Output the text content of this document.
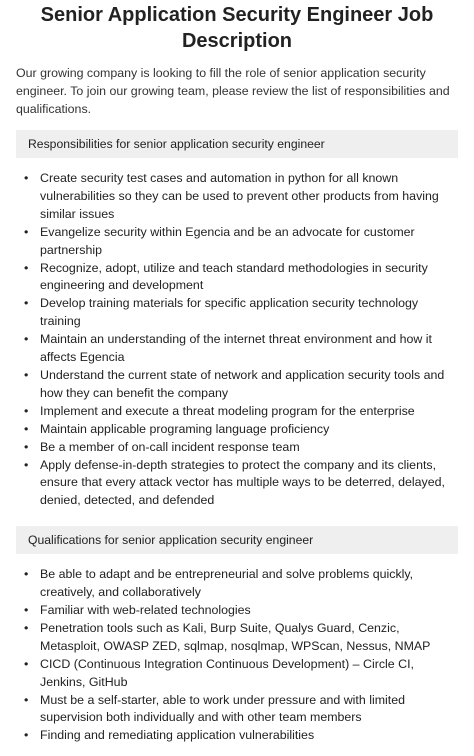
Senior Application Security Engineer Job Description

Our growing company is looking to fill the role of senior application security engineer. To join our growing team, please review the list of responsibilities and qualifications.

Responsibilities for senior application security engineer
• Create security test cases and automation in python for all known vulnerabilities so they can be used to prevent other products from having similar issues
• Evangelize security within Egencia and be an advocate for customer partnership
• Recognize, adopt, utilize and teach standard methodologies in security engineering and development
• Develop training materials for specific application security technology training
• Maintain an understanding of the internet threat environment and how it affects Egencia
• Understand the current state of network and application security tools and how they can benefit the company
• Implement and execute a threat modeling program for the enterprise
• Maintain applicable programing language proficiency
• Be a member of on-call incident response team
• Apply defense-in-depth strategies to protect the company and its clients, ensure that every attack vector has multiple ways to be deterred, delayed, denied, detected, and defended
Qualifications for senior application security engineer
• Be able to adapt and be entrepreneurial and solve problems quickly, creatively, and collaboratively
• Familiar with web-related technologies
• Penetration tools such as Kali, Burp Suite, Qualys Guard, Cenzic, Metasploit, OWASP ZED, sqlmap, nosqlmap, WPScan, Nessus, NMAP
• CICD (Continuous Integration Continuous Development) – Circle CI, Jenkins, GitHub
• Must be a self-starter, able to work under pressure and with limited supervision both individually and with other team members
• Finding and remediating application vulnerabilities
